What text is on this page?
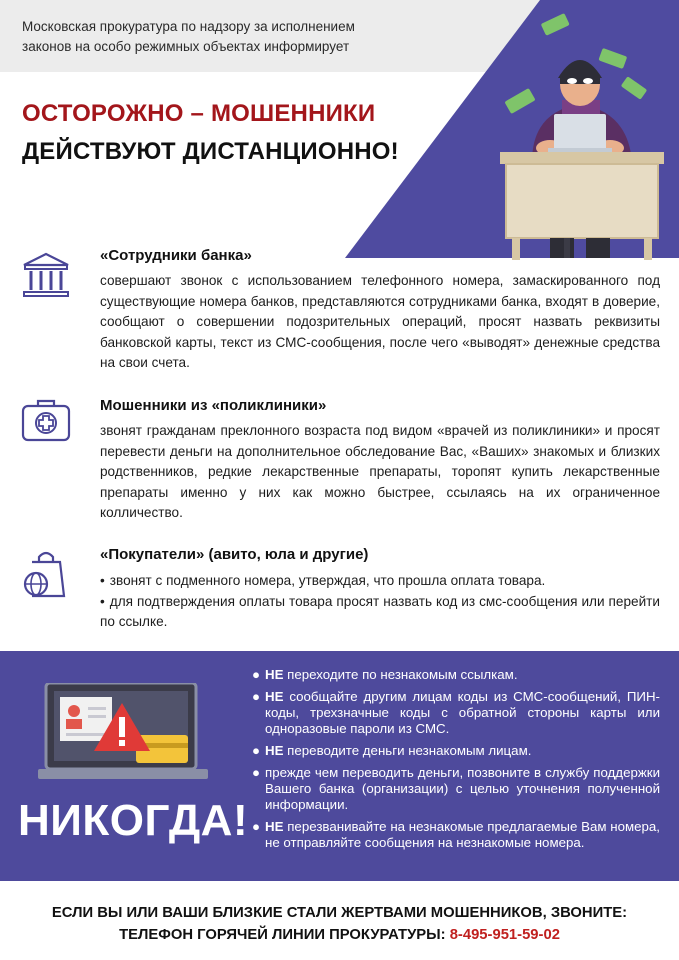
Московская прокуратура по надзору за исполнением
законов на особо режимных объектах информирует
ОСТОРОЖНО – МОШЕННИКИ
ДЕЙСТВУЮТ ДИСТАНЦИОННО!
«Сотрудники банка»
совершают звонок с использованием телефонного номера, замаскированного под существующие номера банков, представляются сотрудниками банка, входят в доверие, сообщают о совершении подозрительных операций, просят назвать реквизиты банковской карты, текст из СМС-сообщения, после чего «выводят» денежные средства на свои счета.
Мошенники из «поликлиники»
звонят гражданам преклонного возраста под видом «врачей из поликлиники» и просят перевести деньги на дополнительное обследование Вас, «Ваших» знакомых и близких родственников, редкие лекарственные препараты, торопят купить лекарственные препараты именно у них как можно быстрее, ссылаясь на их ограниченное колличество.
«Покупатели» (авито, юла и другие)
• звонят с подменного номера, утверждая, что прошла оплата товара.
• для подтверждения оплаты товара просят назвать код из смс-сообщения или перейти по ссылке.
НИКОГДА!
● НЕ переходите по незнакомым ссылкам.
● НЕ сообщайте другим лицам коды из СМС-сообщений, ПИН-коды, трехзначные коды с обратной стороны карты или одноразовые пароли из СМС.
● НЕ переводите деньги незнакомым лицам.
● прежде чем переводить деньги, позвоните в службу поддержки Вашего банка (организации) с целью уточнения полученной информации.
● НЕ перезванивайте на незнакомые предлагаемые Вам номера, не отправляйте сообщения на незнакомые номера.
ЕСЛИ ВЫ ИЛИ ВАШИ БЛИЗКИЕ СТАЛИ ЖЕРТВАМИ МОШЕННИКОВ, ЗВОНИТЕ:
ТЕЛЕФОН ГОРЯЧЕЙ ЛИНИИ ПРОКУРАТУРЫ: 8-495-951-59-02
